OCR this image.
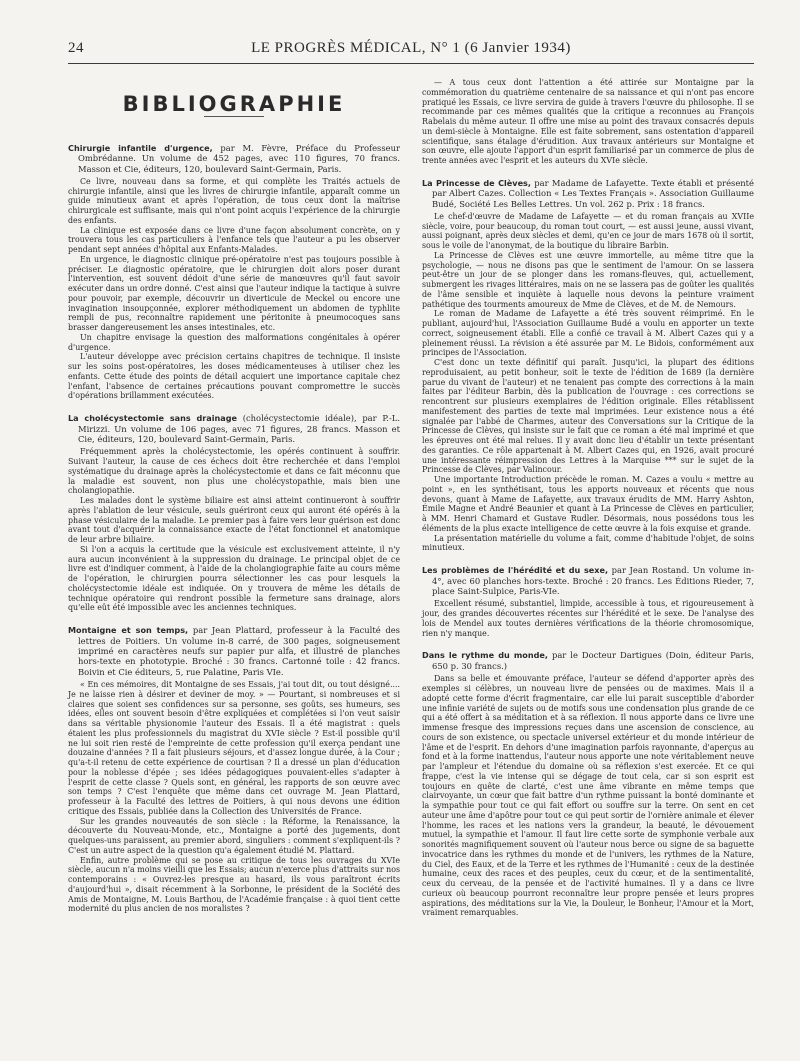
24	LE PROGRÈS MÉDICAL, N° 1 (6 Janvier 1934)
BIBLIOGRAPHIE

Chirurgie infantile d'urgence, par M. Fèvre, Préface du Professeur Ombrédanne. Un volume de 452 pages, avec 110 figures, 70 francs. Masson et Cie, éditeurs, 120, boulevard Saint-Germain, Paris.

Ce livre, nouveau dans sa forme, et qui complète les Traités actuels de chirurgie infantile, ainsi que les livres de chirurgie infantile, apparaît comme un guide minutieux avant et après l'opération, de tous ceux dont la maîtrise chirurgicale est suffisante, mais qui n'ont point acquis l'expérience de la chirurgie des enfants.

La clinique est exposée dans ce livre d'une façon absolument concrète, on y trouvera tous les cas particuliers à l'enfance tels que l'auteur a pu les observer pendant sept années d'hôpital aux Enfants-Malades.

En urgence, le diagnostic clinique pré-opératoire n'est pas toujours possible à préciser. Le diagnostic opératoire, que le chirurgien doit alors poser durant l'intervention, est souvent dédoit d'une série de manœuvres qu'il faut savoir exécuter dans un ordre donné. C'est ainsi que l'auteur indique la tactique à suivre pour pouvoir, par exemple, découvrir un diverticule de Meckel ou encore une invagination insoupçonnée, explorer méthodiquement un abdomen de typhlite rempli de pus, reconnaître rapidement une péritonite à pneumocoques sans brasser dangereusement les anses intestinales, etc.

Un chapitre envisage la question des malformations congénitales à opérer d'urgence.

L'auteur développe avec précision certains chapitres de technique. Il insiste sur les soins post-opératoires, les doses médicamenteuses à utiliser chez les enfants. Cette étude des points de détail acquiert une importance capitale chez l'enfant, l'absence de certaines précautions pouvant compromettre le succès d'opérations brillamment exécutées.

La cholécystectomie sans drainage (cholécystectomie idéale), par P.-L. Mirizzi. Un volume de 106 pages, avec 71 figures, 28 francs. Masson et Cie, éditeurs, 120, boulevard Saint-Germain, Paris.

Fréquemment après la cholécystectomie, les opérés continuent à souffrir. Suivant l'auteur, la cause de ces échecs doit être recherchée et dans l'emploi systématique du drainage après la cholécystectomie et dans ce fait méconnu que la maladie est souvent, non plus une cholécystopathie, mais bien une cholangiopathie.

Les malades dont le système biliaire est ainsi atteint continueront à souffrir après l'ablation de leur vésicule, seuls guériront ceux qui auront été opérés à la phase vésiculaire de la maladie. Le premier pas à faire vers leur guérison est donc avant tout d'acquérir la connaissance exacte de l'état fonctionnel et anatomique de leur arbre biliaire.

Si l'on a acquis la certitude que la vésicule est exclusivement atteinte, il n'y aura aucun inconvénient à la suppression du drainage. Le principal objet de ce livre est d'indiquer comment, à l'aide de la cholangiographie faite au cours même de l'opération, le chirurgien pourra sélectionner les cas pour lesquels la cholécystectomie idéale est indiquée. On y trouvera de même les détails de technique opératoire qui rendront possible la fermeture sans drainage, alors qu'elle eût été impossible avec les anciennes techniques.

Montaigne et son temps, par Jean Plattard, professeur à la Faculté des lettres de Poitiers. Un volume in-8 carré, de 300 pages, soigneusement imprimé en caractères neufs sur papier pur alfa, et illustré de planches hors-texte en phototypie. Broché : 30 francs. Cartonné toile : 42 francs. Boivin et Cie éditeurs, 5, rue Palatine, Paris VIe.

« En ces mémoires, dit Montaigne de ses Essais, j'ai tout dit, ou tout désigné.... Je ne laisse rien à désirer et deviner de moy. » — Pourtant, si nombreuses et si claires que soient ses confidences sur sa personne, ses goûts, ses humeurs, ses idées, elles ont souvent besoin d'être expliquées et complétées si l'on veut saisir dans sa véritable physionomie l'auteur des Essais. Il a été magistrat : quels étaient les plus professionnels du magistrat du XVIe siècle ? Est-il possible qu'il ne lui soit rien resté de l'empreinte de cette profession qu'il exerça pendant une douzaine d'années ? Il a fait plusieurs séjours, et d'assez longue durée, à la Cour ; qu'a-t-il retenu de cette expérience de courtisan ? Il a dressé un plan d'éducation pour la noblesse d'épée ; ses idées pédagogiques pouvaient-elles s'adapter à l'esprit de cette classe ? Quels sont, en général, les rapports de son œuvre avec son temps ? C'est l'enquête que même dans cet ouvrage M. Jean Plattard, professeur à la Faculté des lettres de Poitiers, à qui nous devons une édition critique des Essais, publiée dans la Collection des Universités de France.

Sur les grandes nouveautés de son siècle : la Réforme, la Renaissance, la découverte du Nouveau-Monde, etc., Montaigne a porté des jugements, dont quelques-uns paraissent, au premier abord, singuliers : comment s'expliquent-ils ? C'est un autre aspect de la question qu'a également étudié M. Plattard.

Enfin, autre problème qui se pose au critique de tous les ouvrages du XVIe siècle, aucun n'a moins vieilli que les Essais; aucun n'exerce plus d'attraits sur nos contemporains : « Ouvrez-les presque au hasard, ils vous paraîtront écrits d'aujourd'hui », disait récemment à la Sorbonne, le président de la Société des Amis de Montaigne, M. Louis Barthou, de l'Académie française : à quoi tient cette modernité du plus ancien de nos moralistes ?

— A tous ceux dont l'attention a été attirée sur Montaigne par la commémoration du quatrième centenaire de sa naissance et qui n'ont pas encore pratiqué les Essais, ce livre servira de guide à travers l'œuvre du philosophe. Il se recommande par ces mêmes qualités que la critique a reconnues au François Rabelais du même auteur. Il offre une mise au point des travaux consacrés depuis un demi-siècle à Montaigne. Elle est faite sobrement, sans ostentation d'appareil scientifique, sans étalage d'érudition. Aux travaux antérieurs sur Montaigne et son œuvre, elle ajoute l'apport d'un esprit familiarisé par un commerce de plus de trente années avec l'esprit et les auteurs du XVIe siècle.

La Princesse de Clèves, par Madame de Lafayette. Texte établi et présenté par Albert Cazes. Collection « Les Textes Français ». Association Guillaume Budé, Société Les Belles Lettres. Un vol. 262 p. Prix : 18 francs.

Le chef-d'œuvre de Madame de Lafayette — et du roman français au XVIIe siècle, voire, pour beaucoup, du roman tout court, — est aussi jeune, aussi vivant, aussi poignant, après deux siècles et demi, qu'en ce jour de mars 1678 où il sortit, sous le voile de l'anonymat, de la boutique du libraire Barbin.

La Princesse de Clèves est une œuvre immortelle, au même titre que la psychologie, — nous ne disons pas que le sentiment de l'amour. On se lassera peut-être un jour de se plonger dans les romans-fleuves, qui, actuellement, submergent les rivages littéraires, mais on ne se lassera pas de goûter les qualités de l'âme sensible et inquiète à laquelle nous devons la peinture vraiment pathétique des tourments amoureux de Mme de Clèves, et de M. de Nemours.

Le roman de Madame de Lafayette a été très souvent réimprimé. En le publiant, aujourd'hui, l'Association Guillaume Budé a voulu en apporter un texte correct, soigneusement établi. Elle a confié ce travail à M. Albert Cazes qui y a pleinement réussi. La révision a été assurée par M. Le Bidois, conformément aux principes de l'Association.

C'est donc un texte définitif qui paraît. Jusqu'ici, la plupart des éditions reproduisaient, au petit bonheur, soit le texte de l'édition de 1689 (la dernière parue du vivant de l'auteur) et ne tenaient pas compte des corrections à la main faites par l'éditeur Barbin, dès la publication de l'ouvrage : ces corrections se rencontrent sur plusieurs exemplaires de l'édition originale. Elles rétablissent manifestement des parties de texte mal imprimées. Leur existence nous a été signalée par l'abbé de Charmes, auteur des Conversations sur la Critique de la Princesse de Clèves, qui insiste sur le fait que ce roman a été mal imprimé et que les épreuves ont été mal relues. Il y avait donc lieu d'établir un texte présentant des garanties. Ce rôle appartenait à M. Albert Cazes qui, en 1926, avait procuré une intéressante réimpression des Lettres à la Marquise *** sur le sujet de la Princesse de Clèves, par Valincour.

Une importante Introduction précède le roman. M. Cazes a voulu « mettre au point », en les synthétisant, tous les apports nouveaux et récents que nous devons, quant à Mame de Lafayette, aux travaux érudits de MM. Harry Ashton, Émile Magne et André Beaunier et quant à La Princesse de Clèves en particulier, à MM. Henri Chamard et Gustave Rudler. Désormais, nous possédons tous les éléments de la plus exacte intelligence de cette œuvre à la fois exquise et grande.

La présentation matérielle du volume a fait, comme d'habitude l'objet, de soins minutieux.

Les problèmes de l'hérédité et du sexe, par Jean Rostand. Un volume in-4°, avec 60 planches hors-texte. Broché : 20 francs. Les Éditions Rieder, 7, place Saint-Sulpice, Paris-VIe.

Excellent résumé, substantiel, limpide, accessible à tous, et rigoureusement à jour, des grandes découvertes récentes sur l'hérédité et le sexe. De l'analyse des lois de Mendel aux toutes dernières vérifications de la théorie chromosomique, rien n'y manque.

Dans le rythme du monde, par le Docteur Dartigues (Doin, éditeur Paris, 650 p. 30 francs.)

Dans sa belle et émouvante préface, l'auteur se défend d'apporter après des exemples si célèbres, un nouveau livre de pensées ou de maximes. Mais il a adopté cette forme d'écrit fragmentaire, car elle lui parait susceptible d'aborder une infinie variété de sujets ou de motifs sous une condensation plus grande de ce qui a été offert à sa méditation et à sa réflexion. Il nous apporte dans ce livre une immense fresque des impressions reçues dans une ascension de conscience, au cours de son existence, ou spectacle universel extérieur et du monde intérieur de l'âme et de l'esprit. En dehors d'une imagination parfois rayonnante, d'aperçus au fond et à la forme inattendus, l'auteur nous apporte une note véritablement neuve par l'ampleur et l'étendue du domaine où sa réflexion s'est exercée. Et ce qui frappe, c'est la vie intense qui se dégage de tout cela, car si son esprit est toujours en quête de clarté, c'est une âme vibrante en même temps que clairvoyante, un cœur que fait battre d'un rythme puissant la bonté dominante et la sympathie pour tout ce qui fait effort ou souffre sur la terre. On sent en cet auteur une âme d'apôtre pour tout ce qui peut sortir de l'ornière animale et élever l'homme, les races et les nations vers la grandeur, la beauté, le dévouement mutuel, la sympathie et l'amour. Il faut lire cette sorte de symphonie verbale aux sonorités magnifiquement souvent où l'auteur nous berce ou signe de sa baguette invocatrice dans les rythmes du monde et de l'univers, les rythmes de la Nature, du Ciel, des Eaux, et de la Terre et les rythmes de l'Humanité : ceux de la destinée humaine, ceux des races et des peuples, ceux du cœur, et de la sentimentalité, ceux du cerveau, de la pensée et de l'activité humaines. Il y a dans ce livre curieux où beaucoup pourront reconnaître leur propre pensée et leurs propres aspirations, des méditations sur la Vie, la Douleur, le Bonheur, l'Amour et la Mort, vraiment remarquables.
